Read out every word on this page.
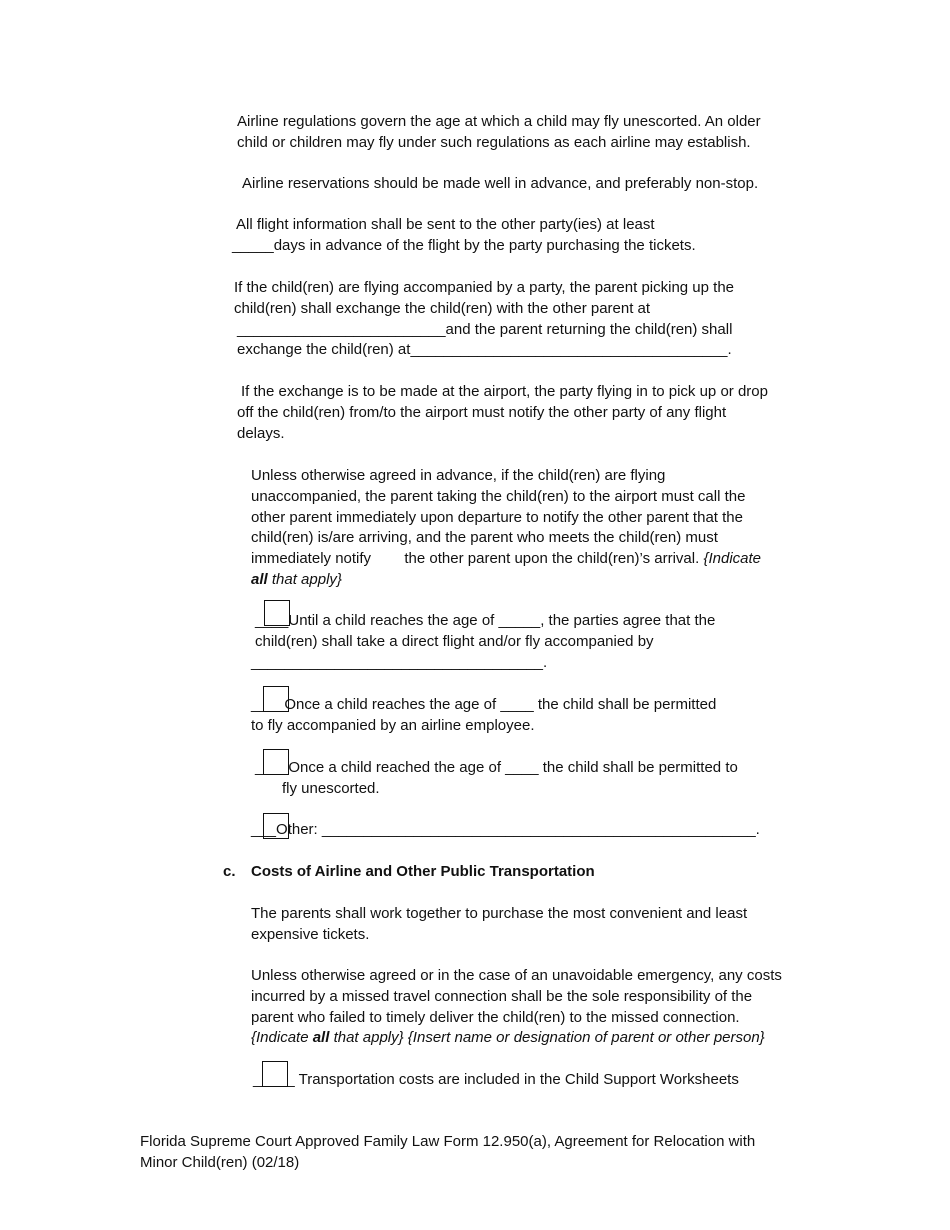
Airline regulations govern the age at which a child may fly unescorted. An older
child or children may fly under such regulations as each airline may establish.
Airline reservations should be made well in advance, and preferably non-stop.
All flight information shall be sent to the other party(ies) at least
_____days in advance of the flight by the party purchasing the tickets.
If the child(ren) are flying accompanied by a party, the parent picking up the
child(ren) shall exchange the child(ren) with the other parent at
_________________________and the parent returning the child(ren) shall
exchange the child(ren) at______________________________________.
If the exchange is to be made at the airport, the party flying in to pick up or drop
off the child(ren) from/to the airport must notify the other party of any flight
delays.
Unless otherwise agreed in advance, if the child(ren) are flying
unaccompanied, the parent taking the child(ren) to the airport must call the
other parent immediately upon departure to notify the other parent that the
child(ren) is/are arriving, and the parent who meets the child(ren) must
immediately notify        the other parent upon the child(ren)’s arrival. {Indicate
all that apply}
____Until a child reaches the age of _____, the parties agree that the
child(ren) shall take a direct flight and/or fly accompanied by
___________________________________.
____Once a child reaches the age of ____ the child shall be permitted
to fly accompanied by an airline employee.
____Once a child reached the age of ____ the child shall be permitted to
fly unescorted.
___Other: ____________________________________________________.
c. Costs of Airline and Other Public Transportation
The parents shall work together to purchase the most convenient and least
expensive tickets.
Unless otherwise agreed or in the case of an unavoidable emergency, any costs
incurred by a missed travel connection shall be the sole responsibility of the
parent who failed to timely deliver the child(ren) to the missed connection.
{Indicate all that apply} {Insert name or designation of parent or other person}
_____ Transportation costs are included in the Child Support Worksheets
Florida Supreme Court Approved Family Law Form 12.950(a), Agreement for Relocation with
Minor Child(ren) (02/18)
